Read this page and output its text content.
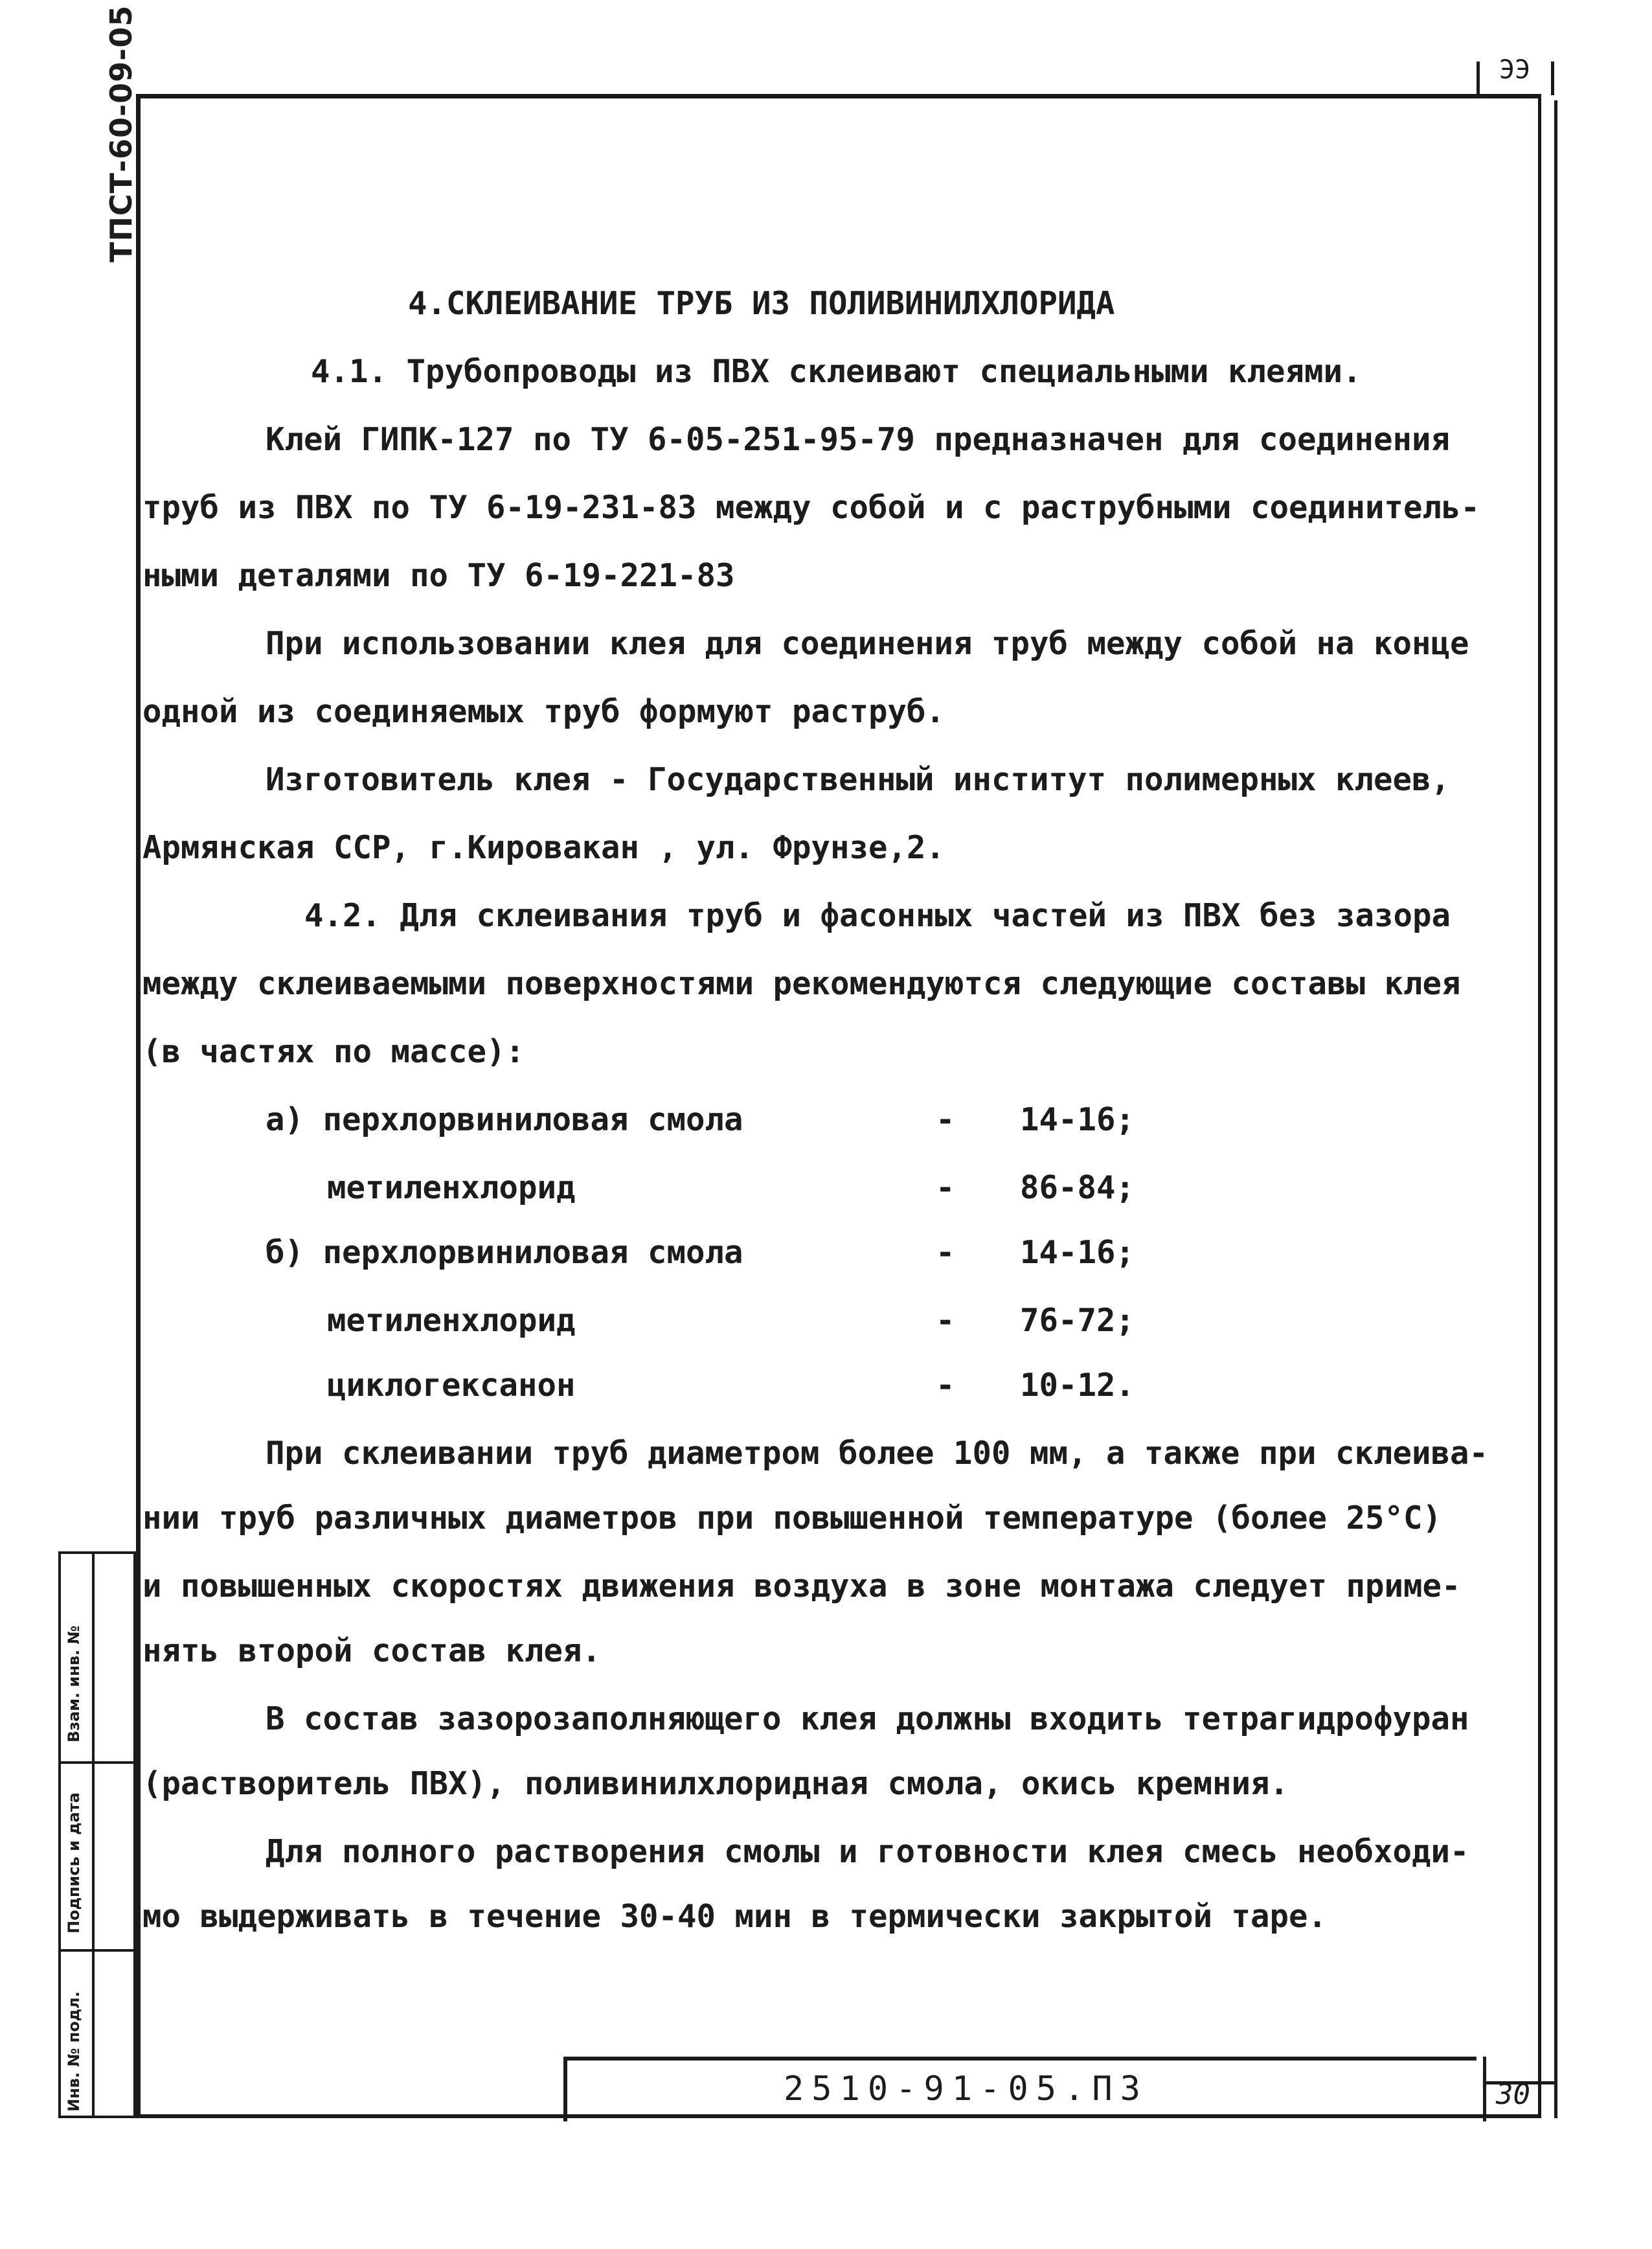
ЭЭ
ТПСТ-60-09-05
Инв. № подл.
Подпись и дата
Взам. инв. №
4.СКЛЕИВАНИЕ ТРУБ ИЗ ПОЛИВИНИЛХЛОРИДА
4.1. Трубопроводы из ПВХ склеивают специальными клеями.
Клей ГИПК-127 по ТУ 6-05-251-95-79 предназначен для соединения
труб из ПВХ по ТУ 6-19-231-83 между собой и с раструбными соединитель-
ными деталями по ТУ 6-19-221-83
При использовании клея для соединения труб между собой на конце
одной из соединяемых труб формуют раструб.
Изготовитель клея - Государственный институт полимерных клеев,
Армянская ССР, г.Кировакан , ул. Фрунзе,2.
4.2. Для склеивания труб и фасонных частей из ПВХ без зазора
между склеиваемыми поверхностями рекомендуются следующие составы клея
(в частях по массе):
а) перхлорвиниловая смола	- 14-16;
метиленхлорид	- 86-84;
б) перхлорвиниловая смола	- 14-16;
метиленхлорид	- 76-72;
циклогексанон	- 10-12.
При склеивании труб диаметром более 100 мм, а также при склеива-
нии труб различных диаметров при повышенной температуре (более 25°С)
и повышенных скоростях движения воздуха в зоне монтажа следует приме-
нять второй состав клея.
В состав зазорозаполняющего клея должны входить тетрагидрофуран
(растворитель ПВХ), поливинилхлоридная смола, окись кремния.
Для полного растворения смолы и готовности клея смесь необходи-
мо выдерживать в течение 30-40 мин в термически закрытой таре.
2510-91-05.ПЗ	30
